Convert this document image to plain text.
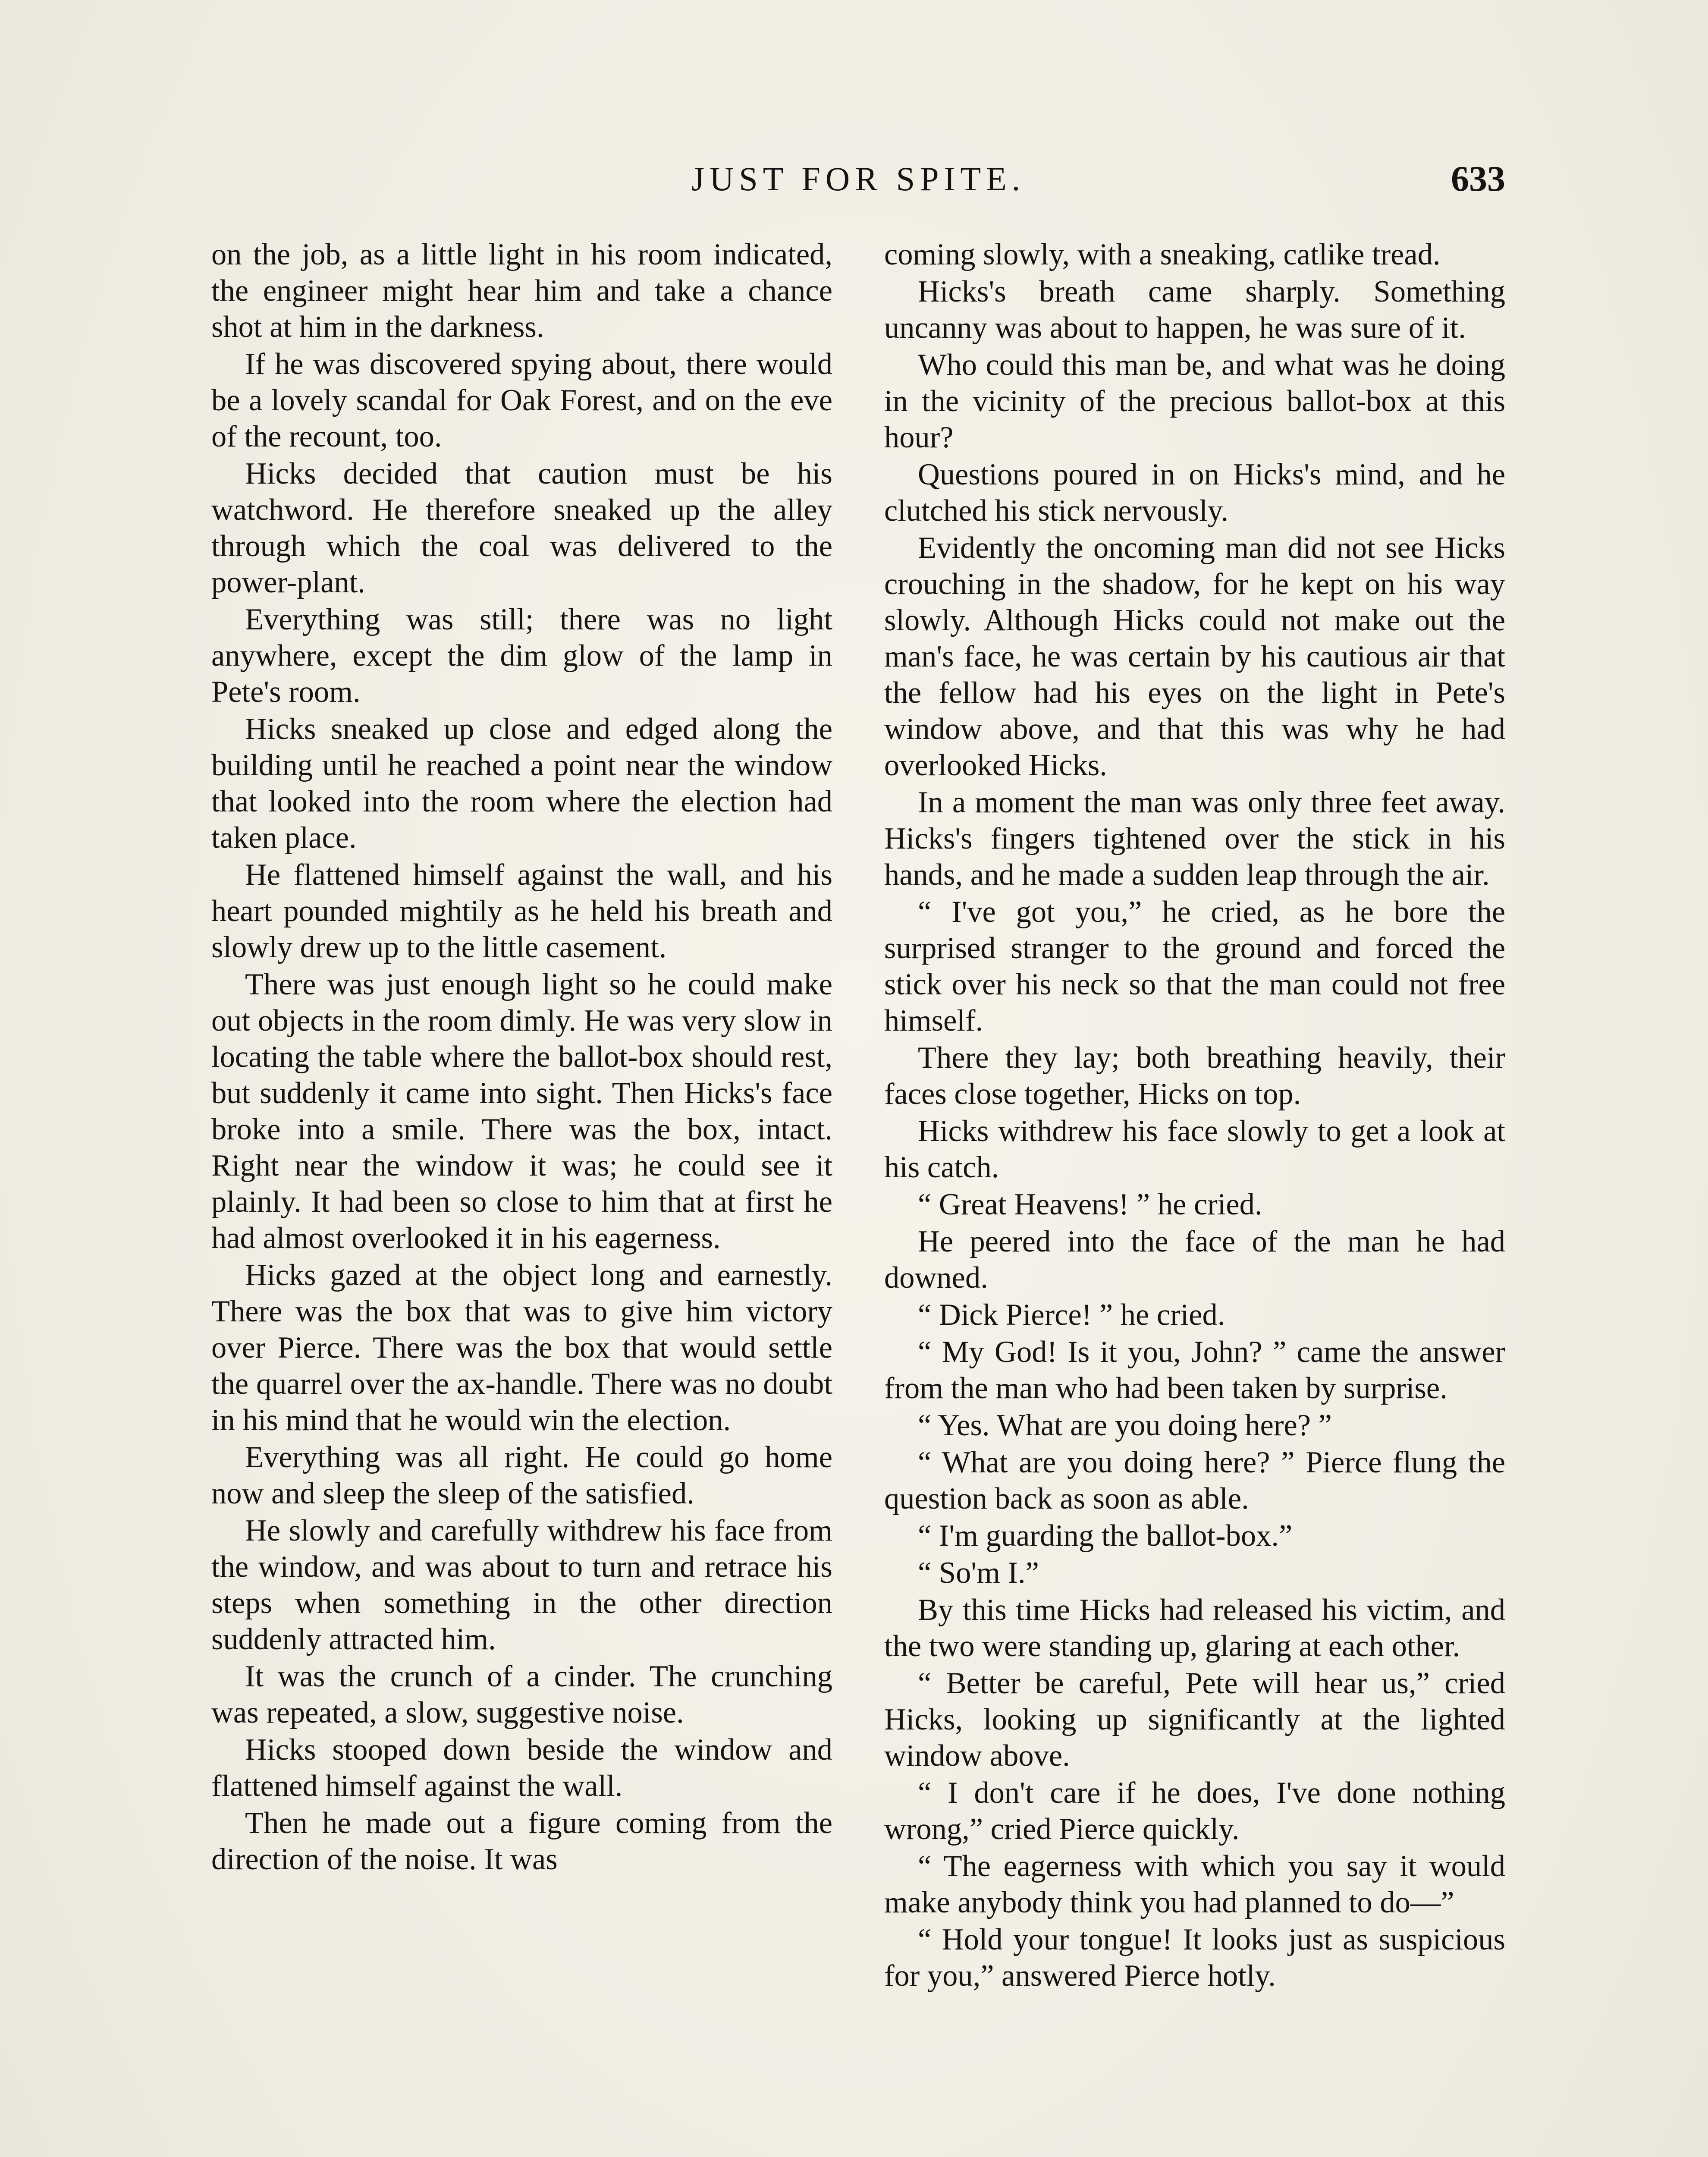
JUST FOR SPITE.	633

on the job, as a little light in his room indicated, the engineer might hear him and take a chance shot at him in the darkness.

If he was discovered spying about, there would be a lovely scandal for Oak Forest, and on the eve of the recount, too.

Hicks decided that caution must be his watchword. He therefore sneaked up the alley through which the coal was delivered to the power-plant.

Everything was still; there was no light anywhere, except the dim glow of the lamp in Pete's room.

Hicks sneaked up close and edged along the building until he reached a point near the window that looked into the room where the election had taken place.

He flattened himself against the wall, and his heart pounded mightily as he held his breath and slowly drew up to the little casement.

There was just enough light so he could make out objects in the room dimly. He was very slow in locating the table where the ballot-box should rest, but suddenly it came into sight. Then Hicks's face broke into a smile. There was the box, intact. Right near the window it was; he could see it plainly. It had been so close to him that at first he had almost overlooked it in his eagerness.

Hicks gazed at the object long and earnestly. There was the box that was to give him victory over Pierce. There was the box that would settle the quarrel over the ax-handle. There was no doubt in his mind that he would win the election.

Everything was all right. He could go home now and sleep the sleep of the satisfied.

He slowly and carefully withdrew his face from the window, and was about to turn and retrace his steps when something in the other direction suddenly attracted him.

It was the crunch of a cinder. The crunching was repeated, a slow, suggestive noise.

Hicks stooped down beside the window and flattened himself against the wall.

Then he made out a figure coming from the direction of the noise. It was

coming slowly, with a sneaking, catlike tread.

Hicks's breath came sharply. Something uncanny was about to happen, he was sure of it.

Who could this man be, and what was he doing in the vicinity of the precious ballot-box at this hour?

Questions poured in on Hicks's mind, and he clutched his stick nervously.

Evidently the oncoming man did not see Hicks crouching in the shadow, for he kept on his way slowly. Although Hicks could not make out the man's face, he was certain by his cautious air that the fellow had his eyes on the light in Pete's window above, and that this was why he had overlooked Hicks.

In a moment the man was only three feet away. Hicks's fingers tightened over the stick in his hands, and he made a sudden leap through the air.

“ I've got you,” he cried, as he bore the surprised stranger to the ground and forced the stick over his neck so that the man could not free himself.

There they lay; both breathing heavily, their faces close together, Hicks on top.

Hicks withdrew his face slowly to get a look at his catch.

“ Great Heavens! ” he cried.

He peered into the face of the man he had downed.

“ Dick Pierce! ” he cried.

“ My God! Is it you, John? ” came the answer from the man who had been taken by surprise.

“ Yes. What are you doing here? ”

“ What are you doing here? ” Pierce flung the question back as soon as able.

“ I'm guarding the ballot-box.”

“ So'm I.”

By this time Hicks had released his victim, and the two were standing up, glaring at each other.

“ Better be careful, Pete will hear us,” cried Hicks, looking up significantly at the lighted window above.

“ I don't care if he does, I've done nothing wrong,” cried Pierce quickly.

“ The eagerness with which you say it would make anybody think you had planned to do—”

“ Hold your tongue! It looks just as suspicious for you,” answered Pierce hotly.
